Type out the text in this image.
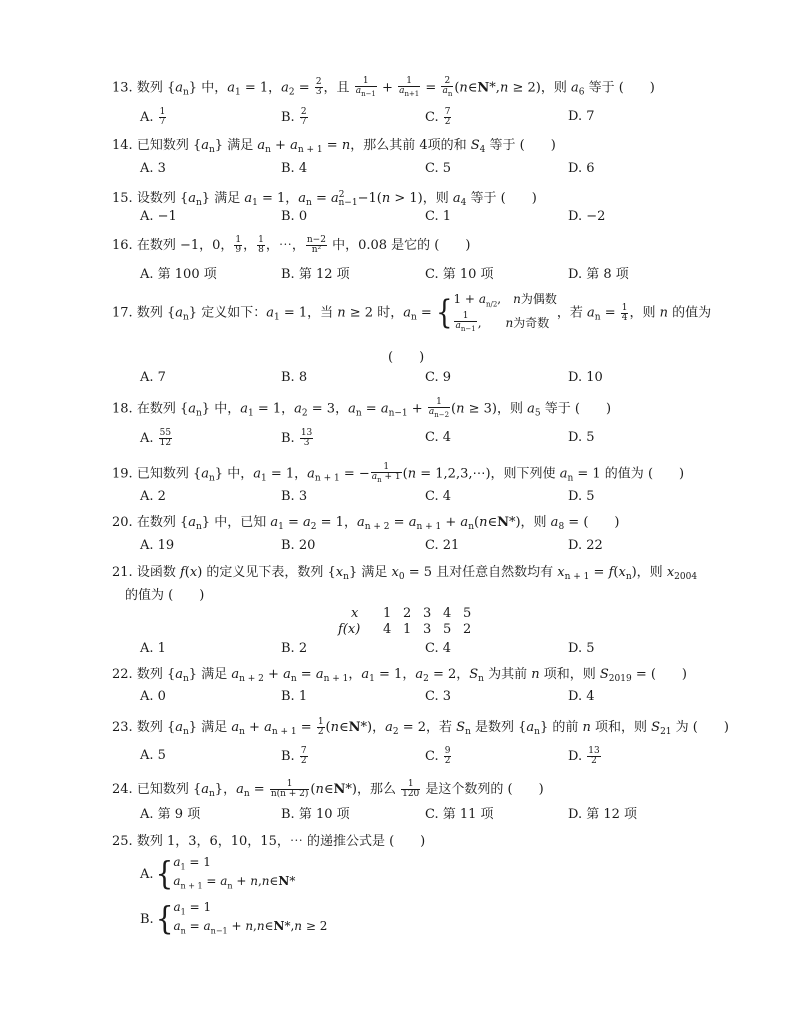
13. 数列 $\{a_n\}$ 中，$a_1 = 1$，$a_2 = \frac{2}{3}$ ，且 $\frac{1}{a_{n-1}} + \frac{1}{a_{n+1}} = \frac{2}{a_n}$ (n∈N*,n ≥ 2)，则 $a_6$ 等于 (　　)
A. $\frac{1}{7}$	B. $\frac{2}{7}$	C. $\frac{7}{2}$	D. 7
14. 已知数列 $\{a_n\}$ 满足 $a_n + a_{n + 1} = n$，那么其前 4项的和 $S_4$ 等于 (　　)
A. 3	B. 4	C. 5	D. 6
15. 设数列 $\{a_n\}$ 满足 $a_1 = 1$，$a_n = a^2_{n-1}-1(n > 1)$，则 $a_4$ 等于 (　　)
A. −1	B. 0	C. 1	D. −2
16. 在数列 −1，0， $\frac{1}{9}$ ， $\frac{1}{8}$ ，⋯， $\frac{n-2}{\text{n²}}$ 中，0.08 是它的 (　　)
A. 第 100 项	B. 第 12 项	C. 第 10 项	D. 第 8 项
17. 数列 $\{a_n\}$ 定义如下：$a_1 = 1$，当 n ≥ 2 时，$a_n = \{1 + a_{n/2}$,　n为偶数

$\frac{1}{a_{n-1}}$ ,　　n为奇数，若 $a_n = \frac{1}{4}$ ，则 n 的值为
(　　)
A. 7	B. 8	C. 9	D. 10
18. 在数列 $\{a_n\}$ 中，$a_1 = 1$，$a_2 = 3$，$a_n = a_{n-1} + \frac{1}{a_{n-2}} (n \ge 3)$，则 $a_5$ 等于 (　　)
A. $\frac{55}{12}$	B. $\frac{13}{3}$	C. 4	D. 5
19. 已知数列 $\{a_n\}$ 中，$a_1 = 1$，$a_{n + 1}$ = − $\frac{1}{a_n + 1} (n$ = 1,2,3,⋯)，则下列使 $a_n = 1$ 的值为 (　　)
A. 2	B. 3	C. 4	D. 5
20. 在数列 $\{a_n\}$ 中，已知 $a_1 = a_2 = 1$，$a_{n + 2} = a_{n + 1}$ + $a_n(n\in N*)$，则 $a_8$ = (　　)
A. 19	B. 20	C. 21	D. 22
21. 设函数 f(x) 的定义见下表，数列 $\{x_n\}$ 满足 $x_0 = 5$ 且对任意自然数均有 $x_{n + 1} = f(x_n)$，则 $x_{2004}$
　的值为 (　　)
x 1 2 3 4 5
f(x) 4 1 3 5 2
A. 1	B. 2	C. 4	D. 5
22. 数列 $\{a_n\}$ 满足 $a_{n + 2} + a_n = a_{n + 1}$，$a_1 = 1$，$a_2 = 2$，$S_n$ 为其前 n 项和，则 $S_{2019}$ = (　　)
A. 0	B. 1	C. 3	D. 4
23. 数列 $\{a_n\}$ 满足 $a_n + a_{n + 1} = \frac{1}{2}$ (n∈N*)，$a_2 = 2$，若 $S_n$ 是数列 $\{a_n\}$ 的前 n 项和，则 $S_{21}$ 为 (　　)
A. 5	B. $\frac{7}{2}$	C. $\frac{9}{2}$	D. $\frac{13}{2}$
24. 已知数列 $\{a_n\}$，$a_n = \frac{1}{n(n + 2)}$ (n∈N*)，那么 $\frac{1}{120}$ 是这个数列的 (　　)
A. 第 9 项	B. 第 10 项	C. 第 11 项	D. 第 12 项
25. 数列 1，3，6，10，15，⋯ 的递推公式是 (　　)
$A.\{a_1 = 1$
$a_{n + 1} = a_n$ + n,n∈N*
$B.\{a_1 = 1$
$a_n = a_{n-1}$ + n,n∈N*,n ≥ 2
